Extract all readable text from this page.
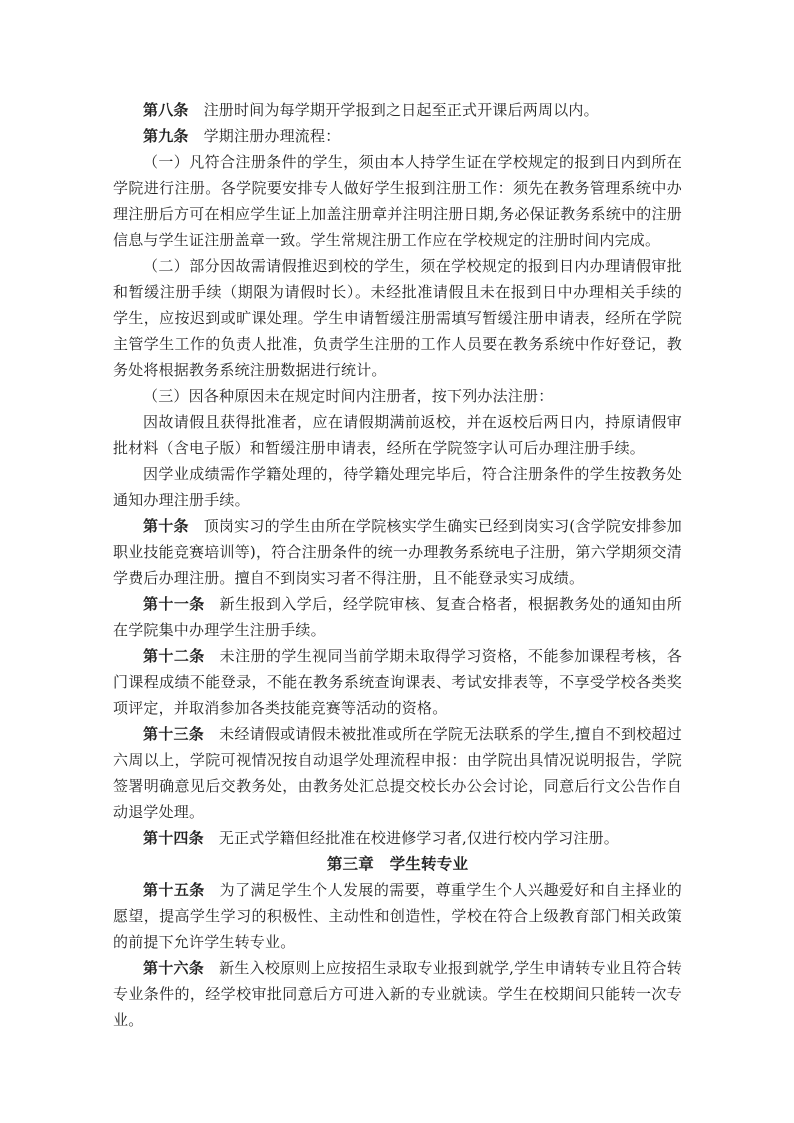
第八条 注册时间为每学期开学报到之日起至正式开课后两周以内。

第九条 学期注册办理流程：

（一）凡符合注册条件的学生，须由本人持学生证在学校规定的报到日内到所在学院进行注册。各学院要安排专人做好学生报到注册工作：须先在教务管理系统中办理注册后方可在相应学生证上加盖注册章并注明注册日期,务必保证教务系统中的注册信息与学生证注册盖章一致。学生常规注册工作应在学校规定的注册时间内完成。

（二）部分因故需请假推迟到校的学生，须在学校规定的报到日内办理请假审批和暂缓注册手续（期限为请假时长）。未经批准请假且未在报到日中办理相关手续的学生，应按迟到或旷课处理。学生申请暂缓注册需填写暂缓注册申请表，经所在学院主管学生工作的负责人批准，负责学生注册的工作人员要在教务系统中作好登记，教务处将根据教务系统注册数据进行统计。

（三）因各种原因未在规定时间内注册者，按下列办法注册：

因故请假且获得批准者，应在请假期满前返校，并在返校后两日内，持原请假审批材料（含电子版）和暂缓注册申请表，经所在学院签字认可后办理注册手续。

因学业成绩需作学籍处理的，待学籍处理完毕后，符合注册条件的学生按教务处通知办理注册手续。

第十条 顶岗实习的学生由所在学院核实学生确实已经到岗实习(含学院安排参加职业技能竞赛培训等)，符合注册条件的统一办理教务系统电子注册，第六学期须交清学费后办理注册。擅自不到岗实习者不得注册，且不能登录实习成绩。

第十一条 新生报到入学后，经学院审核、复查合格者，根据教务处的通知由所在学院集中办理学生注册手续。

第十二条 未注册的学生视同当前学期未取得学习资格，不能参加课程考核，各门课程成绩不能登录，不能在教务系统查询课表、考试安排表等，不享受学校各类奖项评定，并取消参加各类技能竞赛等活动的资格。

第十三条 未经请假或请假未被批准或所在学院无法联系的学生,擅自不到校超过六周以上，学院可视情况按自动退学处理流程申报：由学院出具情况说明报告，学院签署明确意见后交教务处，由教务处汇总提交校长办公会讨论，同意后行文公告作自动退学处理。

第十四条 无正式学籍但经批准在校进修学习者,仅进行校内学习注册。

第三章　学生转专业

第十五条 为了满足学生个人发展的需要，尊重学生个人兴趣爱好和自主择业的愿望，提高学生学习的积极性、主动性和创造性，学校在符合上级教育部门相关政策的前提下允许学生转专业。

第十六条 新生入校原则上应按招生录取专业报到就学,学生申请转专业且符合转专业条件的，经学校审批同意后方可进入新的专业就读。学生在校期间只能转一次专业。
